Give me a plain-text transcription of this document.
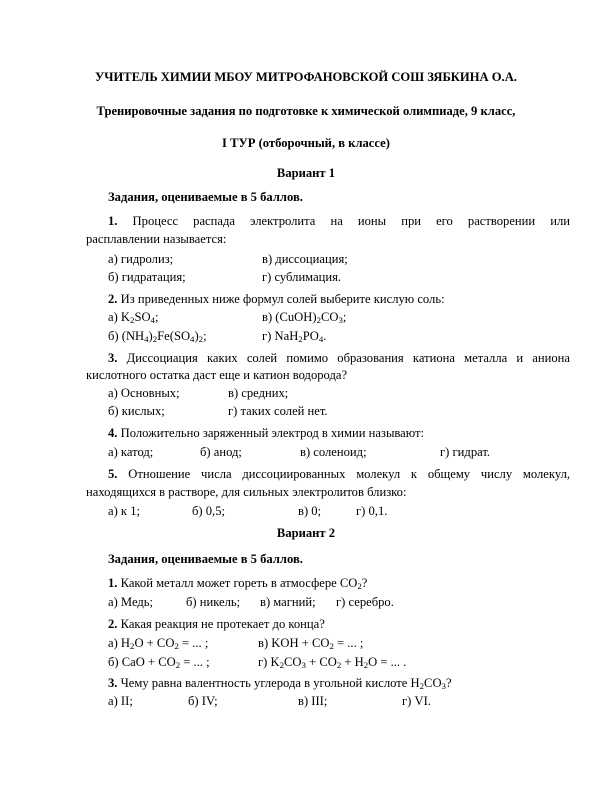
УЧИТЕЛЬ ХИМИИ МБОУ МИТРОФАНОВСКОЙ СОШ ЗЯБКИНА О.А.
Тренировочные задания по подготовке к химической олимпиаде, 9 класс,
I ТУР (отборочный, в классе)
Вариант 1
Задания, оцениваемые в 5 баллов.
1. Процесс распада электролита на ионы при его растворении или
расплавлении называется:
а) гидролиз;	в) диссоциация;
б) гидратация;	г) сублимация.
2. Из приведенных ниже формул солей выберите кислую соль:
а) $K_2SO_4$;	в) $(CuOH)_2CO_3$;
б) $(NH_4)_2Fe(SO_4)_2$;	г) $NaH_2PO_4$.
3. Диссоциация каких солей помимо образования катиона металла и аниона
кислотного остатка даст еще и катион водорода?
а) Основных;	в) средних;
б) кислых;	г) таких солей нет.
4. Положительно заряженный электрод в химии называют:
а) катод;	б) анод;	в) соленоид;	г) гидрат.
5. Отношение числа диссоциированных молекул к общему числу молекул,
находящихся в растворе, для сильных электролитов близко:
а) к 1;	б) 0,5;	в) 0;	г) 0,1.
Вариант 2
Задания, оцениваемые в 5 баллов.
1. Какой металл может гореть в атмосфере $CO_2$?
а) Медь;	б) никель; в) магний; г) серебро.
2. Какая реакция не протекает до конца?
а) $H_2O + CO_2$ = ... ;	в) KOH + $CO_2$ = ... ;
б) CaO + $CO_2$ = ... ;	г) $K_2CO_3 + CO_2 + H_2O$ = ... .
3. Чему равна валентность углерода в угольной кислоте $H_2CO_3$?
а) II;	б) IV;	в) III;	г) VI.
